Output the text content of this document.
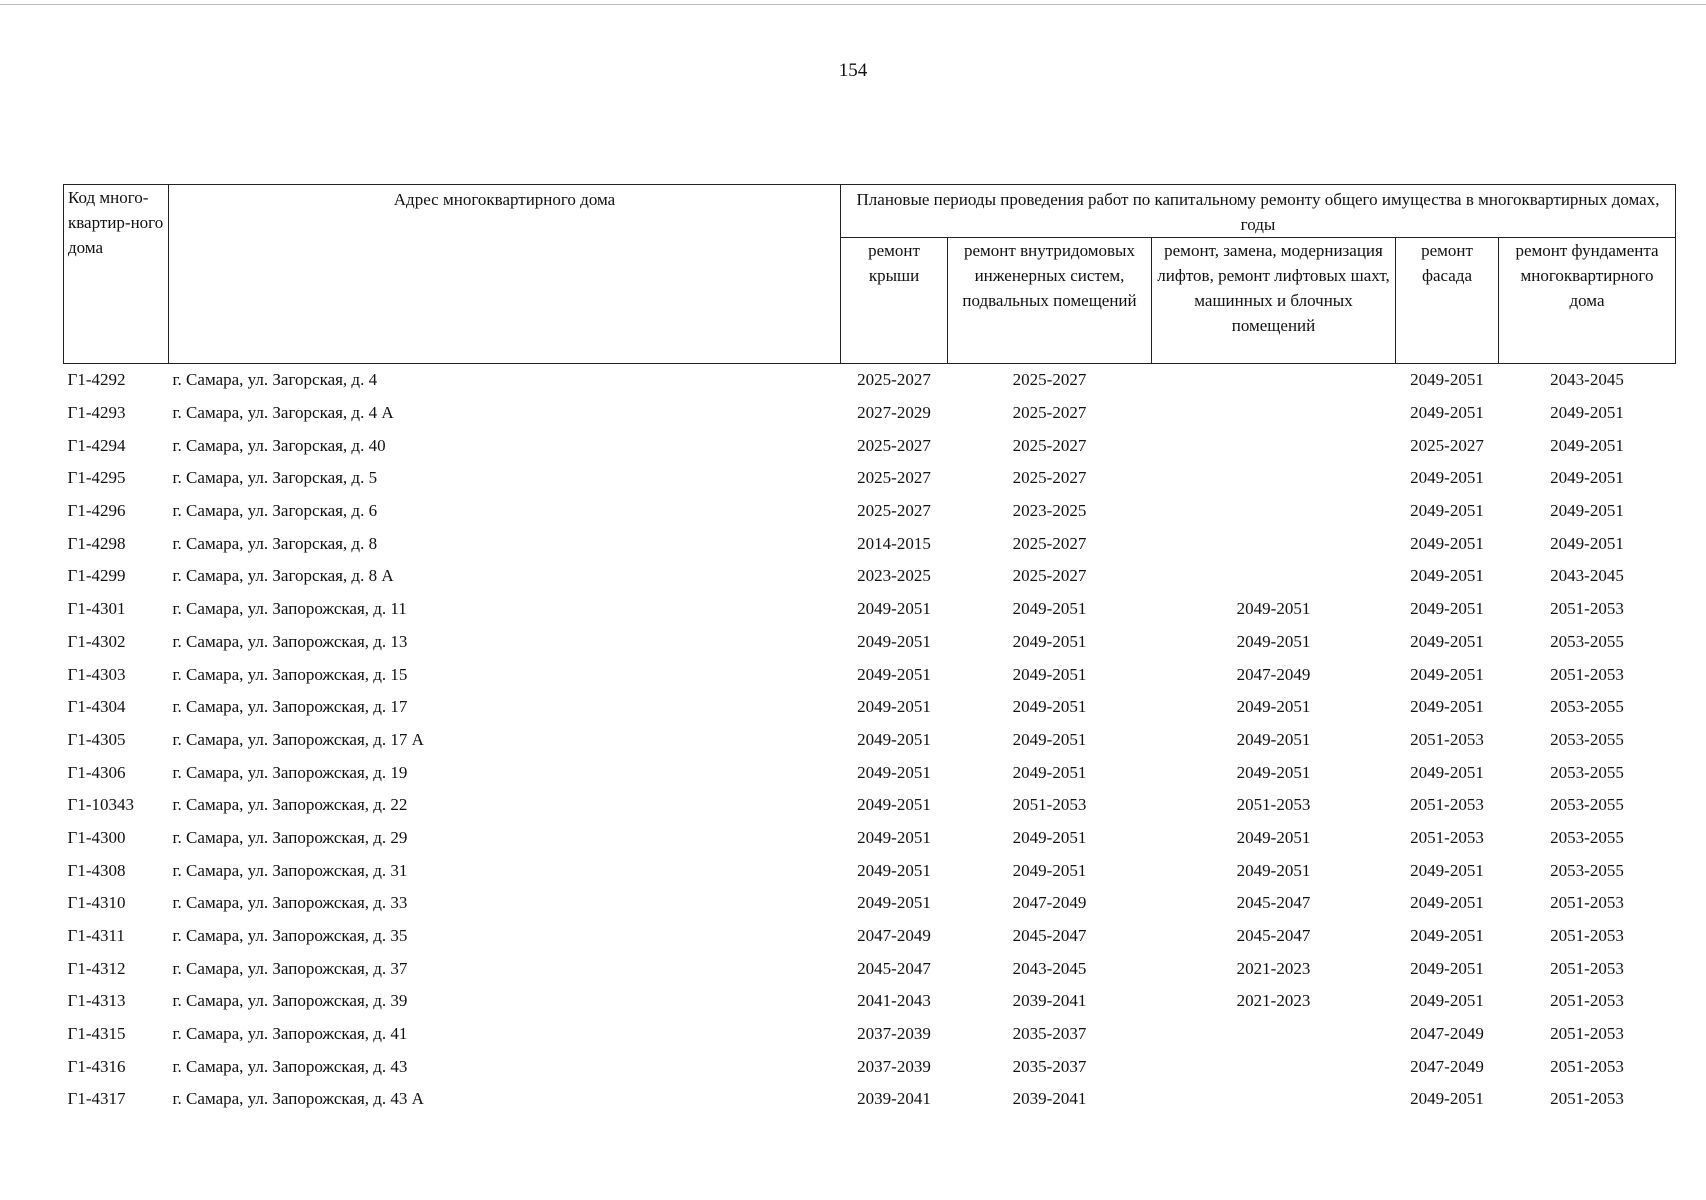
154
Код много-квартир-ного дома	Адрес многоквартирного дома	Плановые периоды проведения работ по капитальному ремонту общего имущества в многоквартирных домах, годы				
		ремонт крыши	ремонт внутридомовых инженерных систем, подвальных помещений	ремонт, замена, модернизация лифтов, ремонт лифтовых шахт, машинных и блочных помещений	ремонт фасада	ремонт фундамента многоквартирного дома
Г1-4292	г. Самара, ул. Загорская, д. 4	2025-2027	2025-2027		2049-2051	2043-2045
Г1-4293	г. Самара, ул. Загорская, д. 4 А	2027-2029	2025-2027		2049-2051	2049-2051
Г1-4294	г. Самара, ул. Загорская, д. 40	2025-2027	2025-2027		2025-2027	2049-2051
Г1-4295	г. Самара, ул. Загорская, д. 5	2025-2027	2025-2027		2049-2051	2049-2051
Г1-4296	г. Самара, ул. Загорская, д. 6	2025-2027	2023-2025		2049-2051	2049-2051
Г1-4298	г. Самара, ул. Загорская, д. 8	2014-2015	2025-2027		2049-2051	2049-2051
Г1-4299	г. Самара, ул. Загорская, д. 8 А	2023-2025	2025-2027		2049-2051	2043-2045
Г1-4301	г. Самара, ул. Запорожская, д. 11	2049-2051	2049-2051	2049-2051	2049-2051	2051-2053
Г1-4302	г. Самара, ул. Запорожская, д. 13	2049-2051	2049-2051	2049-2051	2049-2051	2053-2055
Г1-4303	г. Самара, ул. Запорожская, д. 15	2049-2051	2049-2051	2047-2049	2049-2051	2051-2053
Г1-4304	г. Самара, ул. Запорожская, д. 17	2049-2051	2049-2051	2049-2051	2049-2051	2053-2055
Г1-4305	г. Самара, ул. Запорожская, д. 17 А	2049-2051	2049-2051	2049-2051	2051-2053	2053-2055
Г1-4306	г. Самара, ул. Запорожская, д. 19	2049-2051	2049-2051	2049-2051	2049-2051	2053-2055
Г1-10343	г. Самара, ул. Запорожская, д. 22	2049-2051	2051-2053	2051-2053	2051-2053	2053-2055
Г1-4300	г. Самара, ул. Запорожская, д. 29	2049-2051	2049-2051	2049-2051	2051-2053	2053-2055
Г1-4308	г. Самара, ул. Запорожская, д. 31	2049-2051	2049-2051	2049-2051	2049-2051	2053-2055
Г1-4310	г. Самара, ул. Запорожская, д. 33	2049-2051	2047-2049	2045-2047	2049-2051	2051-2053
Г1-4311	г. Самара, ул. Запорожская, д. 35	2047-2049	2045-2047	2045-2047	2049-2051	2051-2053
Г1-4312	г. Самара, ул. Запорожская, д. 37	2045-2047	2043-2045	2021-2023	2049-2051	2051-2053
Г1-4313	г. Самара, ул. Запорожская, д. 39	2041-2043	2039-2041	2021-2023	2049-2051	2051-2053
Г1-4315	г. Самара, ул. Запорожская, д. 41	2037-2039	2035-2037		2047-2049	2051-2053
Г1-4316	г. Самара, ул. Запорожская, д. 43	2037-2039	2035-2037		2047-2049	2051-2053
Г1-4317	г. Самара, ул. Запорожская, д. 43 А	2039-2041	2039-2041		2049-2051	2051-2053
